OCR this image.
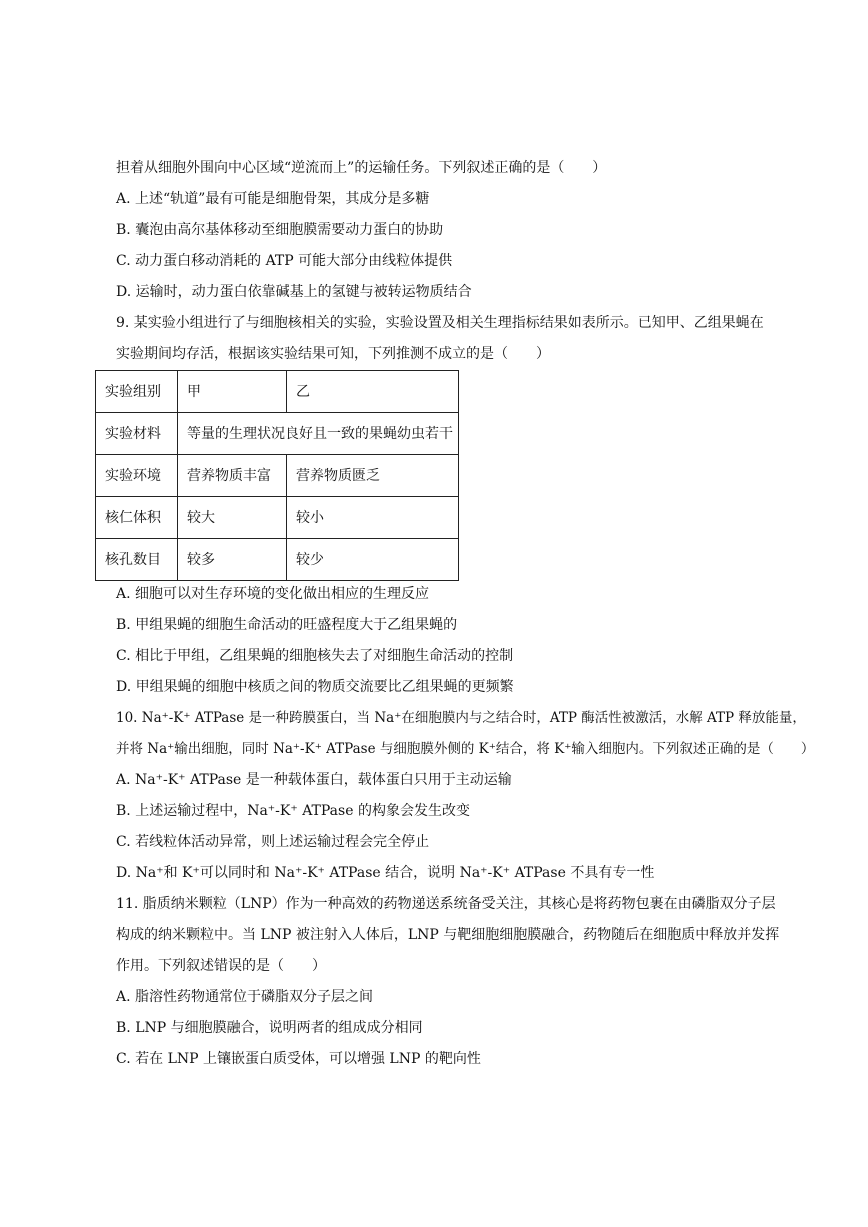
担着从细胞外围向中心区域“逆流而上”的运输任务。下列叙述正确的是（　　）
A. 上述“轨道”最有可能是细胞骨架，其成分是多糖
B. 囊泡由高尔基体移动至细胞膜需要动力蛋白的协助
C. 动力蛋白移动消耗的 ATP 可能大部分由线粒体提供
D. 运输时，动力蛋白依靠碱基上的氢键与被转运物质结合
9. 某实验小组进行了与细胞核相关的实验，实验设置及相关生理指标结果如表所示。已知甲、乙组果蝇在
实验期间均存活，根据该实验结果可知，下列推测不成立的是（　　）
实验组别	甲	乙
实验材料	等量的生理状况良好且一致的果蝇幼虫若干	
实验环境	营养物质丰富	营养物质匮乏
核仁体积	较大	较小
核孔数目	较多	较少
A. 细胞可以对生存环境的变化做出相应的生理反应
B. 甲组果蝇的细胞生命活动的旺盛程度大于乙组果蝇的
C. 相比于甲组，乙组果蝇的细胞核失去了对细胞生命活动的控制
D. 甲组果蝇的细胞中核质之间的物质交流要比乙组果蝇的更频繁
10. Na⁺-K⁺ ATPase 是一种跨膜蛋白，当 Na⁺在细胞膜内与之结合时，ATP 酶活性被激活，水解 ATP 释放能量，
并将 Na⁺输出细胞，同时 Na⁺-K⁺ ATPase 与细胞膜外侧的 K⁺结合，将 K⁺输入细胞内。下列叙述正确的是（　　）
A. Na⁺-K⁺ ATPase 是一种载体蛋白，载体蛋白只用于主动运输
B. 上述运输过程中，Na⁺-K⁺ ATPase 的构象会发生改变
C. 若线粒体活动异常，则上述运输过程会完全停止
D. Na⁺和 K⁺可以同时和 Na⁺-K⁺ ATPase 结合，说明 Na⁺-K⁺ ATPase 不具有专一性
11. 脂质纳米颗粒（LNP）作为一种高效的药物递送系统备受关注，其核心是将药物包裹在由磷脂双分子层
构成的纳米颗粒中。当 LNP 被注射入人体后，LNP 与靶细胞细胞膜融合，药物随后在细胞质中释放并发挥
作用。下列叙述错误的是（　　）
A. 脂溶性药物通常位于磷脂双分子层之间
B. LNP 与细胞膜融合，说明两者的组成成分相同
C. 若在 LNP 上镶嵌蛋白质受体，可以增强 LNP 的靶向性
